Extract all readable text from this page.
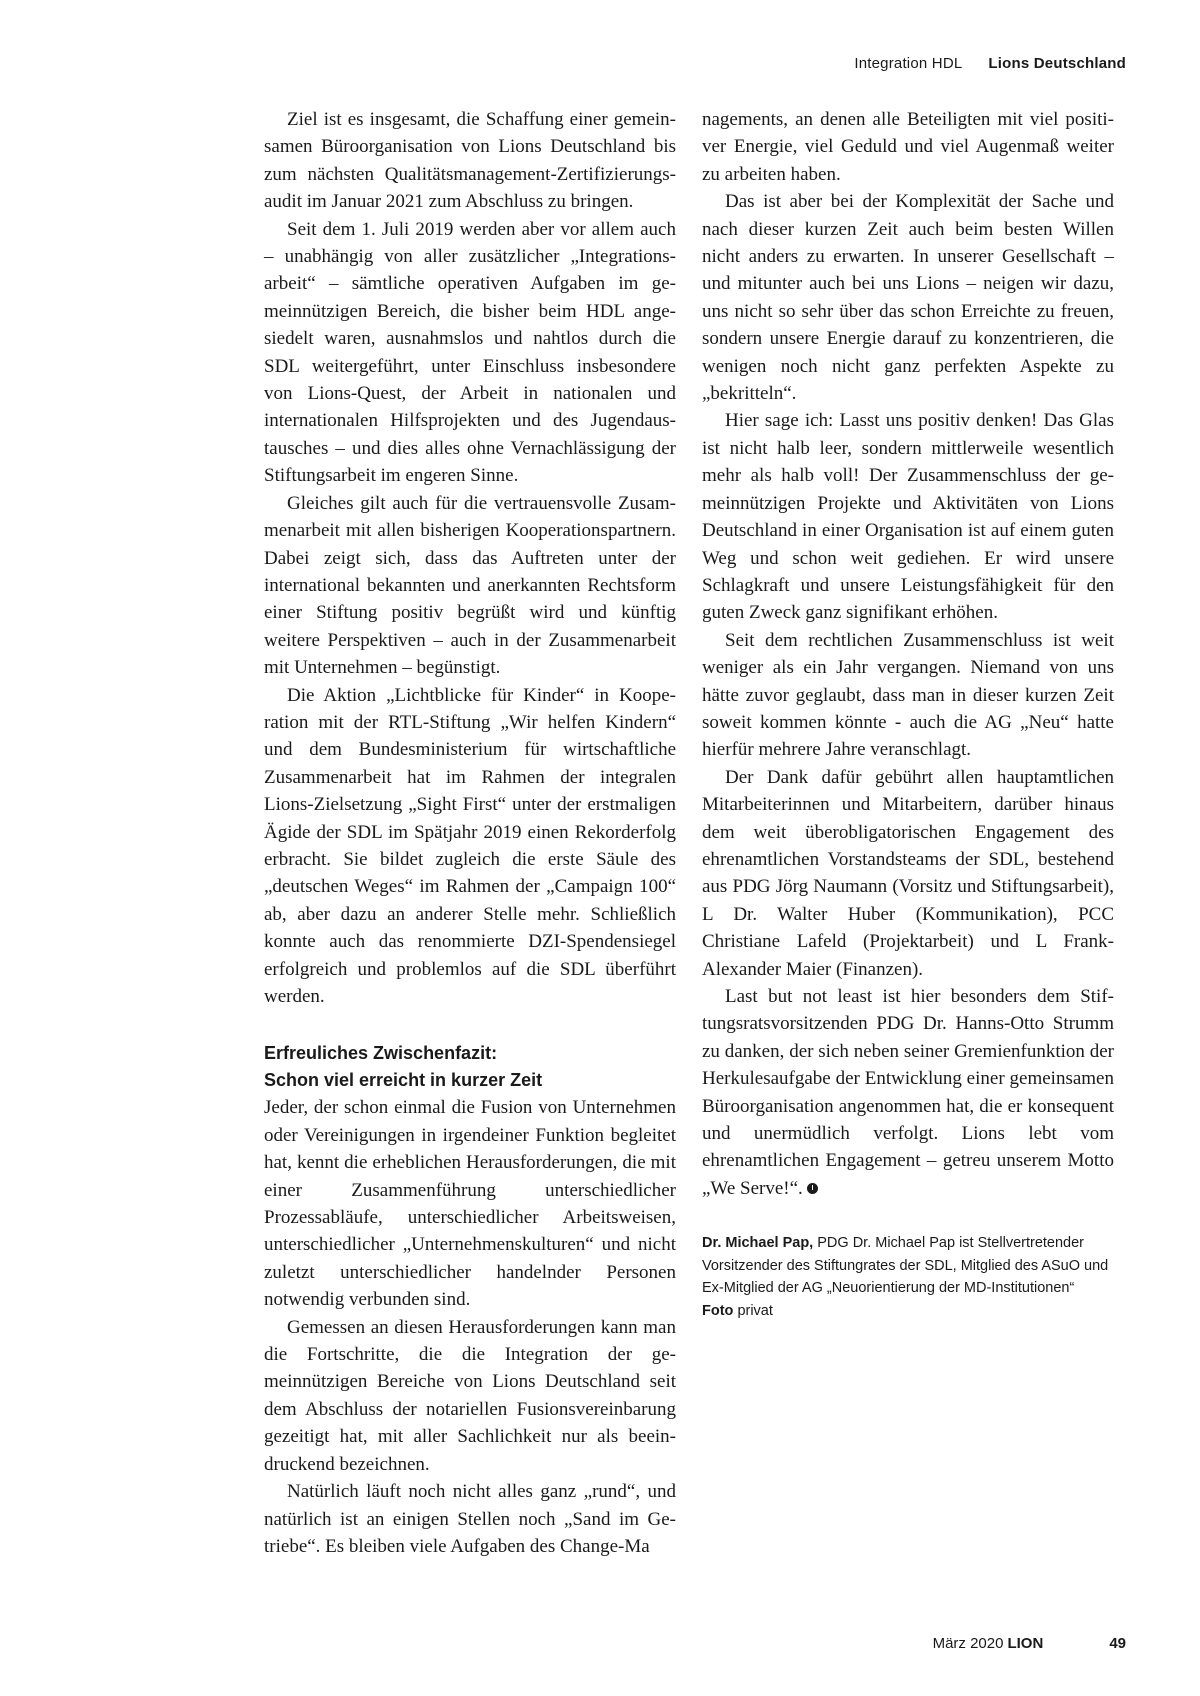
Integration HDL Lions Deutschland

Ziel ist es insgesamt, die Schaffung einer gemeinsamen Büroorganisation von Lions Deutschland bis zum nächsten Qualitätsmanagement-Zertifizierungsaudit im Januar 2021 zum Abschluss zu bringen.

Seit dem 1. Juli 2019 werden aber vor allem auch – unabhängig von aller zusätzlicher „Integrationsarbeit“ – sämtliche operativen Aufgaben im gemeinnützigen Bereich, die bisher beim HDL angesiedelt waren, ausnahmslos und nahtlos durch die SDL weitergeführt, unter Einschluss insbesondere von Lions-Quest, der Arbeit in nationalen und internationalen Hilfsprojekten und des Jugendaustausches – und dies alles ohne Vernachlässigung der Stiftungsarbeit im engeren Sinne.

Gleiches gilt auch für die vertrauensvolle Zusammenarbeit mit allen bisherigen Kooperationspartnern. Dabei zeigt sich, dass das Auftreten unter der international bekannten und anerkannten Rechtsform einer Stiftung positiv begrüßt wird und künftig weitere Perspektiven – auch in der Zusammenarbeit mit Unternehmen – begünstigt.

Die Aktion „Lichtblicke für Kinder“ in Kooperation mit der RTL-Stiftung „Wir helfen Kindern“ und dem Bundesministerium für wirtschaftliche Zusammenarbeit hat im Rahmen der integralen Lions-Zielsetzung „Sight First“ unter der erstmaligen Ägide der SDL im Spätjahr 2019 einen Rekorderfolg erbracht. Sie bildet zugleich die erste Säule des „deutschen Weges“ im Rahmen der „Campaign 100“ ab, aber dazu an anderer Stelle mehr. Schließlich konnte auch das renommierte DZI-Spendensiegel erfolgreich und problemlos auf die SDL überführt werden.

Erfreuliches Zwischenfazit:
Schon viel erreicht in kurzer Zeit

Jeder, der schon einmal die Fusion von Unternehmen oder Vereinigungen in irgendeiner Funktion begleitet hat, kennt die erheblichen Herausforderungen, die mit einer Zusammenführung unterschiedlicher Prozessabläufe, unterschiedlicher Arbeitsweisen, unterschiedlicher „Unternehmenskulturen“ und nicht zuletzt unterschiedlicher handelnder Personen notwendig verbunden sind.

Gemessen an diesen Herausforderungen kann man die Fortschritte, die die Integration der gemeinnützigen Bereiche von Lions Deutschland seit dem Abschluss der notariellen Fusionsvereinbarung gezeitigt hat, mit aller Sachlichkeit nur als beeindruckend bezeichnen.

Natürlich läuft noch nicht alles ganz „rund“, und natürlich ist an einigen Stellen noch „Sand im Getriebe“. Es bleiben viele Aufgaben des Change-Ma

nagements, an denen alle Beteiligten mit viel positiver Energie, viel Geduld und viel Augenmaß weiter zu arbeiten haben.

Das ist aber bei der Komplexität der Sache und nach dieser kurzen Zeit auch beim besten Willen nicht anders zu erwarten. In unserer Gesellschaft – und mitunter auch bei uns Lions – neigen wir dazu, uns nicht so sehr über das schon Erreichte zu freuen, sondern unsere Energie darauf zu konzentrieren, die wenigen noch nicht ganz perfekten Aspekte zu „bekritteln“.

Hier sage ich: Lasst uns positiv denken! Das Glas ist nicht halb leer, sondern mittlerweile wesentlich mehr als halb voll! Der Zusammenschluss der gemeinnützigen Projekte und Aktivitäten von Lions Deutschland in einer Organisation ist auf einem guten Weg und schon weit gediehen. Er wird unsere Schlagkraft und unsere Leistungsfähigkeit für den guten Zweck ganz signifikant erhöhen.

Seit dem rechtlichen Zusammenschluss ist weit weniger als ein Jahr vergangen. Niemand von uns hätte zuvor geglaubt, dass man in dieser kurzen Zeit soweit kommen könnte - auch die AG „Neu“ hatte hierfür mehrere Jahre veranschlagt.

Der Dank dafür gebührt allen hauptamtlichen Mitarbeiterinnen und Mitarbeitern, darüber hinaus dem weit überobligatorischen Engagement des ehrenamtlichen Vorstandsteams der SDL, bestehend aus PDG Jörg Naumann (Vorsitz und Stiftungsarbeit), L Dr. Walter Huber (Kommunikation), PCC Christiane Lafeld (Projektarbeit) und L Frank-Alexander Maier (Finanzen).

Last but not least ist hier besonders dem Stiftungsratsvorsitzenden PDG Dr. Hanns-Otto Strumm zu danken, der sich neben seiner Gremienfunktion der Herkulesaufgabe der Entwicklung einer gemeinsamen Büroorganisation angenommen hat, die er konsequent und unermüdlich verfolgt. Lions lebt vom ehrenamtlichen Engagement – getreu unserem Motto „We Serve!“.

Dr. Michael Pap, PDG Dr. Michael Pap ist Stellvertretender Vorsitzender des Stiftungrates der SDL, Mitglied des ASuO und Ex-Mitglied der AG „Neuorientierung der MD-Institutionen“
Foto privat
März 2020 LION	49
